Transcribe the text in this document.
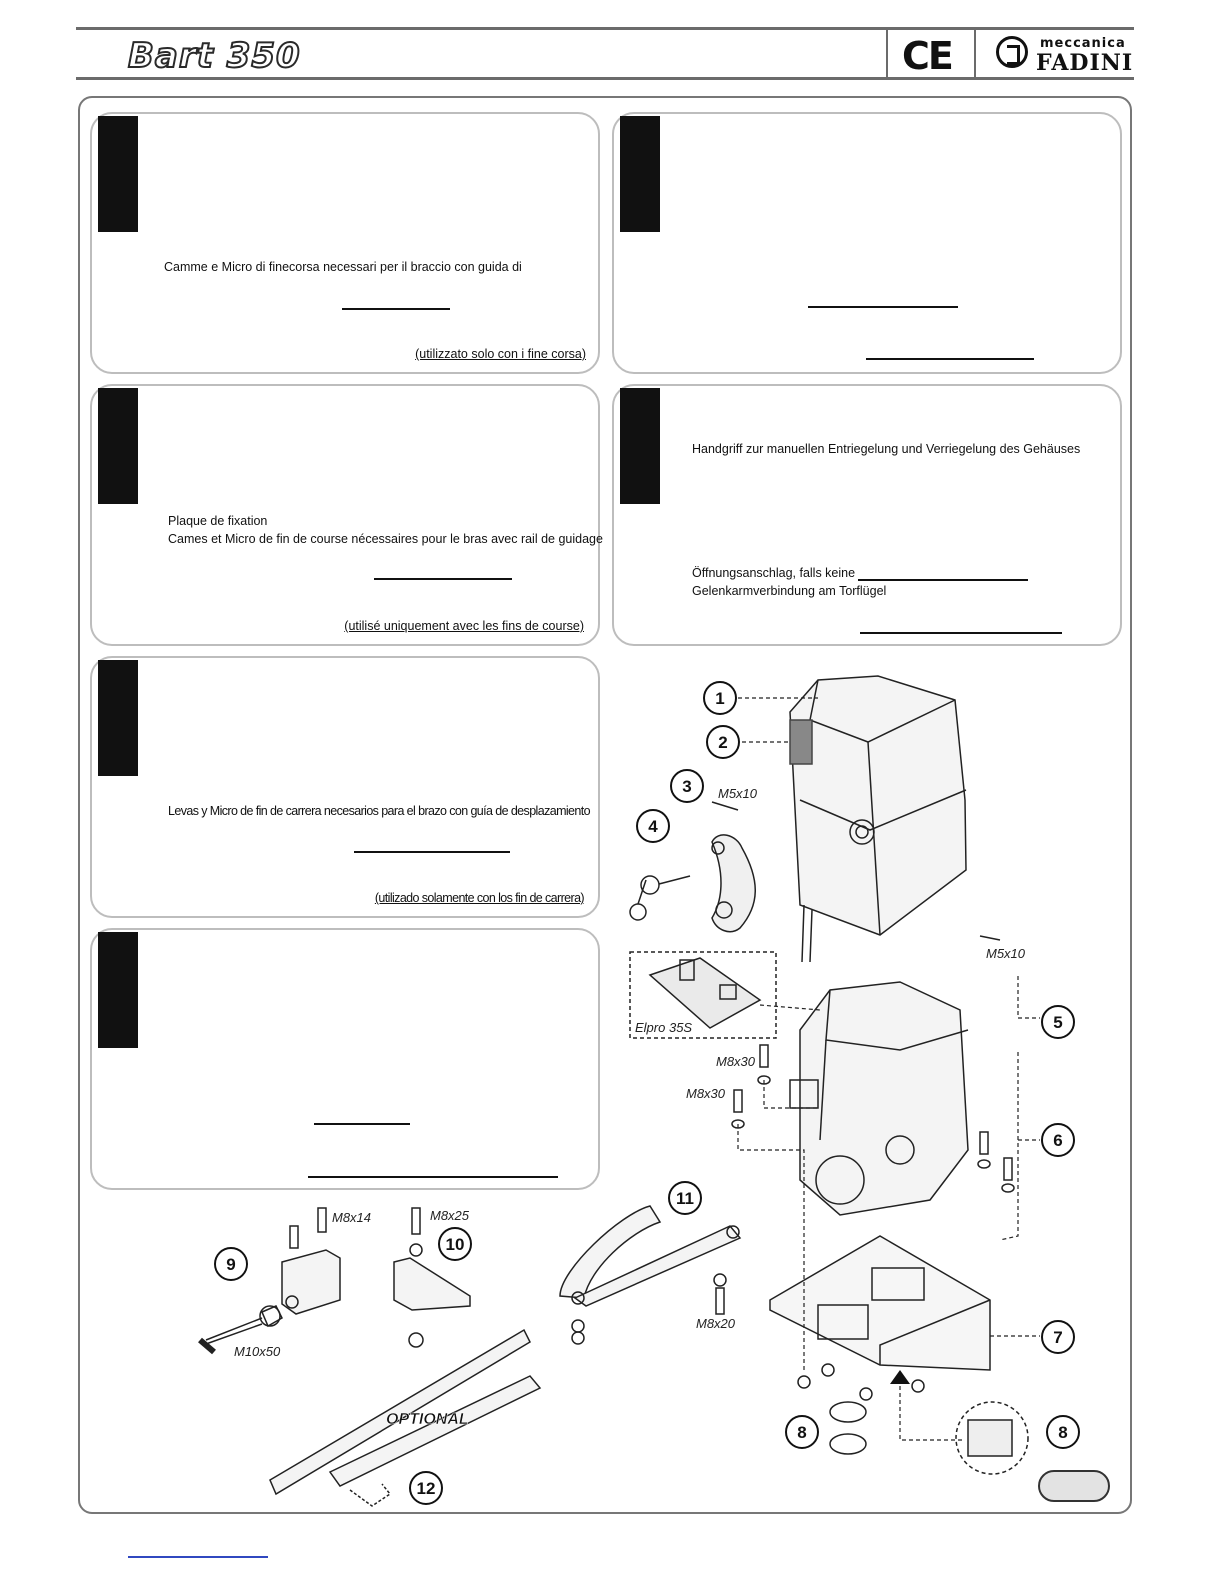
Bart 350	CE	meccanica
FADINI
Camme e Micro di finecorsa necessari per il braccio con guida di
(utilizzato solo con i fine corsa)
Plaque de fixation
Cames et Micro de fin de course nécessaires pour le bras avec rail de guidage
(utilisé uniquement avec les fins de course)
Levas y Micro de fin de carrera necesarios para el brazo con guía de desplazamiento
(utilizado solamente con los fin de carrera)
Handgriff zur manuellen Entriegelung und Verriegelung des Gehäuses
Öffnungsanschlag, falls keine
Gelenkarmverbindung am Torflügel
1
2
3
4
5
6
7
8	8
9
10
11
12
M5x10
M5x10
Elpro 35S
M8x30
M8x30
M8x14	M8x25
M10x50
M8x20
OPTIONAL
